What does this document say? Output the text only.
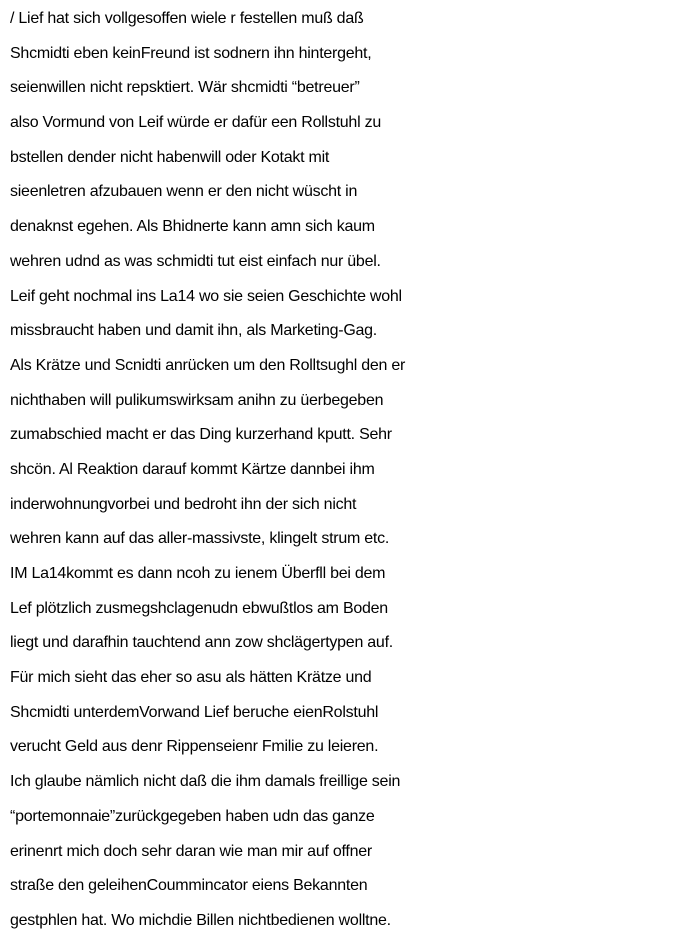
/ Lief hat sich vollgesoffen wiele r festellen muß daß
Shcmidti eben keinFreund ist sodnern ihn hintergeht,
seienwillen nicht repsktiert. Wär shcmidti “betreuer”
also Vormund von Leif würde er dafür een Rollstuhl zu
bstellen dender nicht habenwill oder Kotakt mit
sieenletren afzubauen wenn er den nicht wüscht in
denaknst egehen. Als Bhidnerte kann amn sich kaum
wehren udnd as was schmidti tut eist einfach nur übel.
Leif geht nochmal ins La14 wo sie seien Geschichte wohl
missbraucht haben und damit ihn, als Marketing-Gag.
Als Krätze und Scnidti anrücken um den Rolltsughl den er
nichthaben will pulikumswirksam anihn zu üerbegeben
zumabschied macht er das Ding kurzerhand kputt. Sehr
shcön. Al Reaktion darauf kommt Kärtze dannbei ihm
inderwohnungvorbei und bedroht ihn der sich nicht
wehren kann auf das aller-massivste, klingelt strum etc.
IM La14kommt es dann ncoh zu ienem Überfll bei dem
Lef plötzlich zusmegshclagenudn ebwußtlos am Boden
liegt und darafhin tauchtend ann zow shclägertypen auf.
Für mich sieht das eher so asu als hätten Krätze und
Shcmidti unterdemVorwand Lief beruche eienRolstuhl
verucht Geld aus denr Rippenseienr Fmilie zu leieren.
Ich glaube nämlich nicht daß die ihm damals freillige sein
“portemonnaie”zurückgegeben haben udn das ganze
erinenrt mich doch sehr daran wie man mir auf offner
straße den geleihenCoummincator eiens Bekannten
gestphlen hat. Wo michdie Billen nichtbedienen wolltne.
